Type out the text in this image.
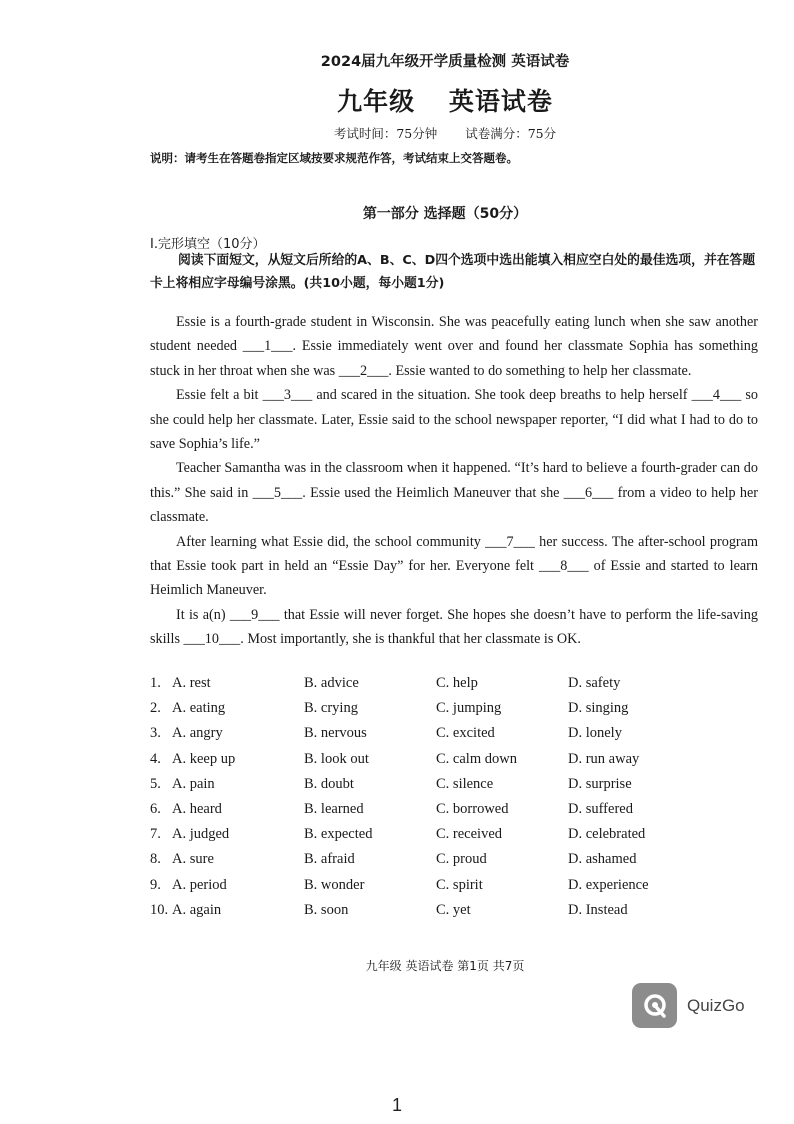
2024届九年级开学质量检测 英语试卷
九年级 英语试卷
考试时间：75分钟 试卷满分：75分
说明：请考生在答题卷指定区域按要求规范作答，考试结束上交答题卷。
第一部分 选择题（50分）
I.完形填空（10分）
阅读下面短文，从短文后所给的A、B、C、D四个选项中选出能填入相应空白处的最佳选项，并在答题卡上将相应字母编号涂黑。(共10小题，每小题1分)

Essie is a fourth-grade student in Wisconsin. She was peacefully eating lunch when she saw another student needed ___1___. Essie immediately went over and found her classmate Sophia has something stuck in her throat when she was ___2___. Essie wanted to do something to help her classmate.

Essie felt a bit ___3___ and scared in the situation. She took deep breaths to help herself ___4___ so she could help her classmate. Later, Essie said to the school newspaper reporter, “I did what I had to do to save Sophia’s life.”

Teacher Samantha was in the classroom when it happened. “It’s hard to believe a fourth-grader can do this.” She said in ___5___. Essie used the Heimlich Maneuver that she ___6___ from a video to help her classmate.

After learning what Essie did, the school community ___7___ her success. The after-school program that Essie took part in held an “Essie Day” for her. Everyone felt ___8___ of Essie and started to learn Heimlich Maneuver.

It is a(n) ___9___ that Essie will never forget. She hopes she doesn’t have to perform the life-saving skills ___10___. Most importantly, she is thankful that her classmate is OK.

1. A. rest	B. advice	C. help	D. safety
2. A. eating	B. crying	C. jumping	D. singing
3. A. angry	B. nervous	C. excited	D. lonely
4. A. keep up	B. look out	C. calm down	D. run away
5. A. pain	B. doubt	C. silence	D. surprise
6. A. heard	B. learned	C. borrowed	D. suffered
7. A. judged	B. expected	C. received	D. celebrated
8. A. sure	B. afraid	C. proud	D. ashamed
9. A. period	B. wonder	C. spirit	D. experience
10. A. again	B. soon	C. yet	D. Instead
九年级 英语试卷 第1页 共7页
QuizGo
1
